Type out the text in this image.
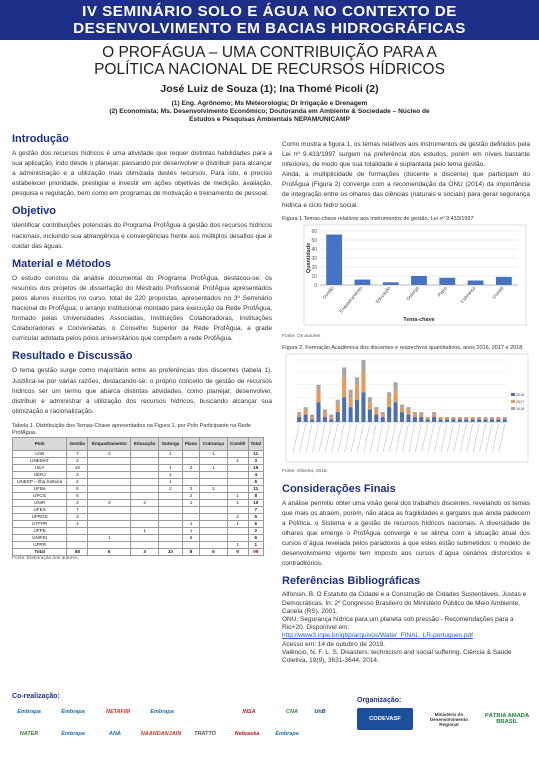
IV SEMINÁRIO SOLO E ÁGUA NO CONTEXTO DE
DESENVOLVIMENTO EM BACIAS HIDROGRÁFICAS
O PROFÁGUA – UMA CONTRIBUIÇÃO PARA A
POLÍTICA NACIONAL DE RECURSOS HÍDRICOS
José Luiz de Souza (1); Ina Thomé Picoli (2)
(1) Eng. Agrônomo; Ms Meteorologia; Dr Irrigação e Drenagem
(2) Economista; Ms. Desenvolvimento Econômico; Doutoranda em Ambiente & Sociedade – Núcleo de
Estudos e Pesquisas Ambientais NEPAM/UNICAMP
Introdução

A gestão dos recursos hídricos é uma atividade que requer distintas habilidades para a sua aplicação, indo desde o planejar, passando por desenvolver e distribuir para alcançar a administração e a utilização mais otimizada destes recursos. Para isto, é preciso estabelecer prioridade, prestigiar e investir em ações objetivas de medição, avaliação, pesquisa e regulação, bem como em programas de motivação e treinamento de pessoal.

Objetivo

Identificar contribuições potenciais do Programa ProfÁgua à gestão dos recursos hídricos nacionais, incluindo sua abrangência e convergências frente aos múltiplos desafios que é cuidar das águas.

Material e Métodos

O estudo constou da análise documental do Programa ProfÁgua, destacou-se: os resumos dos projetos de dissertação do Mestrado Profissional ProfÁgua apresentados pelos alunos inscritos no curso, total de 220 propostas, apresentados no 3º Seminário Nacional do ProfÁgua; o arranjo institucional montado para execução da Rede ProfÁgua, formado pelas Universidades Associadas, Instituições Colaboradoras, Instituições Colaboradoras e Conveniadas, o Conselho Superior da Rede ProfÁgua, a grade curricular adotada pelos pólos universitários que compõem a rede ProfÁgua.

Resultado e Discussão

O tema gestão surge como majoritário entre as preferências dos discentes (tabela 1). Justifica-se por várias razões, destacando-se: o próprio conceito de gestão de recursos hídricos ser um termo que abarca distintas atividades, como planejar, desenvolver, distribuir e administrar a utilização dos recursos hídricos, buscando alcançar sua otimização e racionalização.

Tabela 1. Distribuição dos Temas-Chave apresentados na Figura 1, por Polo Participante na Rede ProfÁgua.
Polo	Gestão	Enquadramento	Educação	Outorga	Plano	Cobrança	Comitê	Total
UnB	7	2		1		1		11
UNEMAT	2						1	3
UEA	15			1	2	1		19
UERJ	3			1				4
UNESP – Ilha Solteira	4			1				5
UFBa	5			2	2	2		11
UFCG	5				2		1	8
UNIR	3	3	2		1		1	10
UFES	7							7
UFRGS	3						2	5
UTFPR	4				1		1	6
UFPE			1		1			2
UNIFEI		1			5			6
UFRR							1	1
Total	58	6	3	10	8	5	9	99
Fonte: Elaboração dos autores.

Como mostra a figura 1, os temas relativos aos instrumentos de gestão definidos pela Lei nº 9.433/1997 surgem na preferência dos estudos, porém em níveis bastante inferiores, de modo que sua totalidade é suplantada pelo tema gestão.

Ainda, a multiplicidade de formações (docente e discente) que participam do ProfÁgua (Figura 2) converge com a recomendação da ONU (2014) da importância de integração entre os olhares das ciências (naturais e sociais) para gerar segurança hídrica e ciclo hidro social.

Figura 1.Temas-chave relativos aos instrumentos de gestão, Lei nº 9.433/1997
0
10
20
30
40
50
60
Gestão Enquadramento Educação	Outorga	Plano	Cobrança	Comitê
Quantidade
Tema-chave
Fonte: Os autores
Figura 2. Formação Acadêmica dos discentes e respectivos quantitativos, anos 2016, 2017 e 2018.
2016
2017
2018
Fonte: Oliveira, 2018.
Considerações Finais

A análise permitiu obter uma visão geral dos trabalhos discentes, revelando os temas que mais os atraem, porém, não ataca as fragilidades e gargalos que ainda padecem a Política, o Sistema e a gestão de recursos hídricos nacionais. A diversidade de olhares que emerge o ProfÁgua converge e se alinha com a situação atual dos cursos d´água revelada pelos paradoxos a que estes estão submetidos: o modelo de desenvolvimento vigente tem imposto aos cursos d´água cenários distorcidos e contraditórios.

Referências Bibliográficas

Alfonsin, B. O Estatuto da Cidade e a Construção de Cidades Sustentáveis, Justas e Democráticas. In: 2º Congresso Brasileiro do Ministério Público de Meio Ambiente, Canela (RS). 2001.

ONU. Segurança hídrica para um planeta sob pressão - Recomendações para a Rio+20. Disponível em:

http://www3.inpe.br/igbp/arquivos/Water_FINAL_LR-portugues.pdf

Acesso em: 14 de outubro de 2019.

Valêncio, N. F. L. S. Disasters: technicism and social suffering. Ciência & Saúde Coletiva, 19(9), 3631-3644, 2014.

Co-realização:
Organização:
Embrapa	Embrapa	NETAFIM	Embrapa	INSA	CNA	UnB
NATER	Embrapa	ANA	NAANDANJAIN	TRATTO	Nebraska	Embrapa
CODEVASF
Ministério do Desenvolvimento Regional
PÁTRIA AMADA BRASIL
